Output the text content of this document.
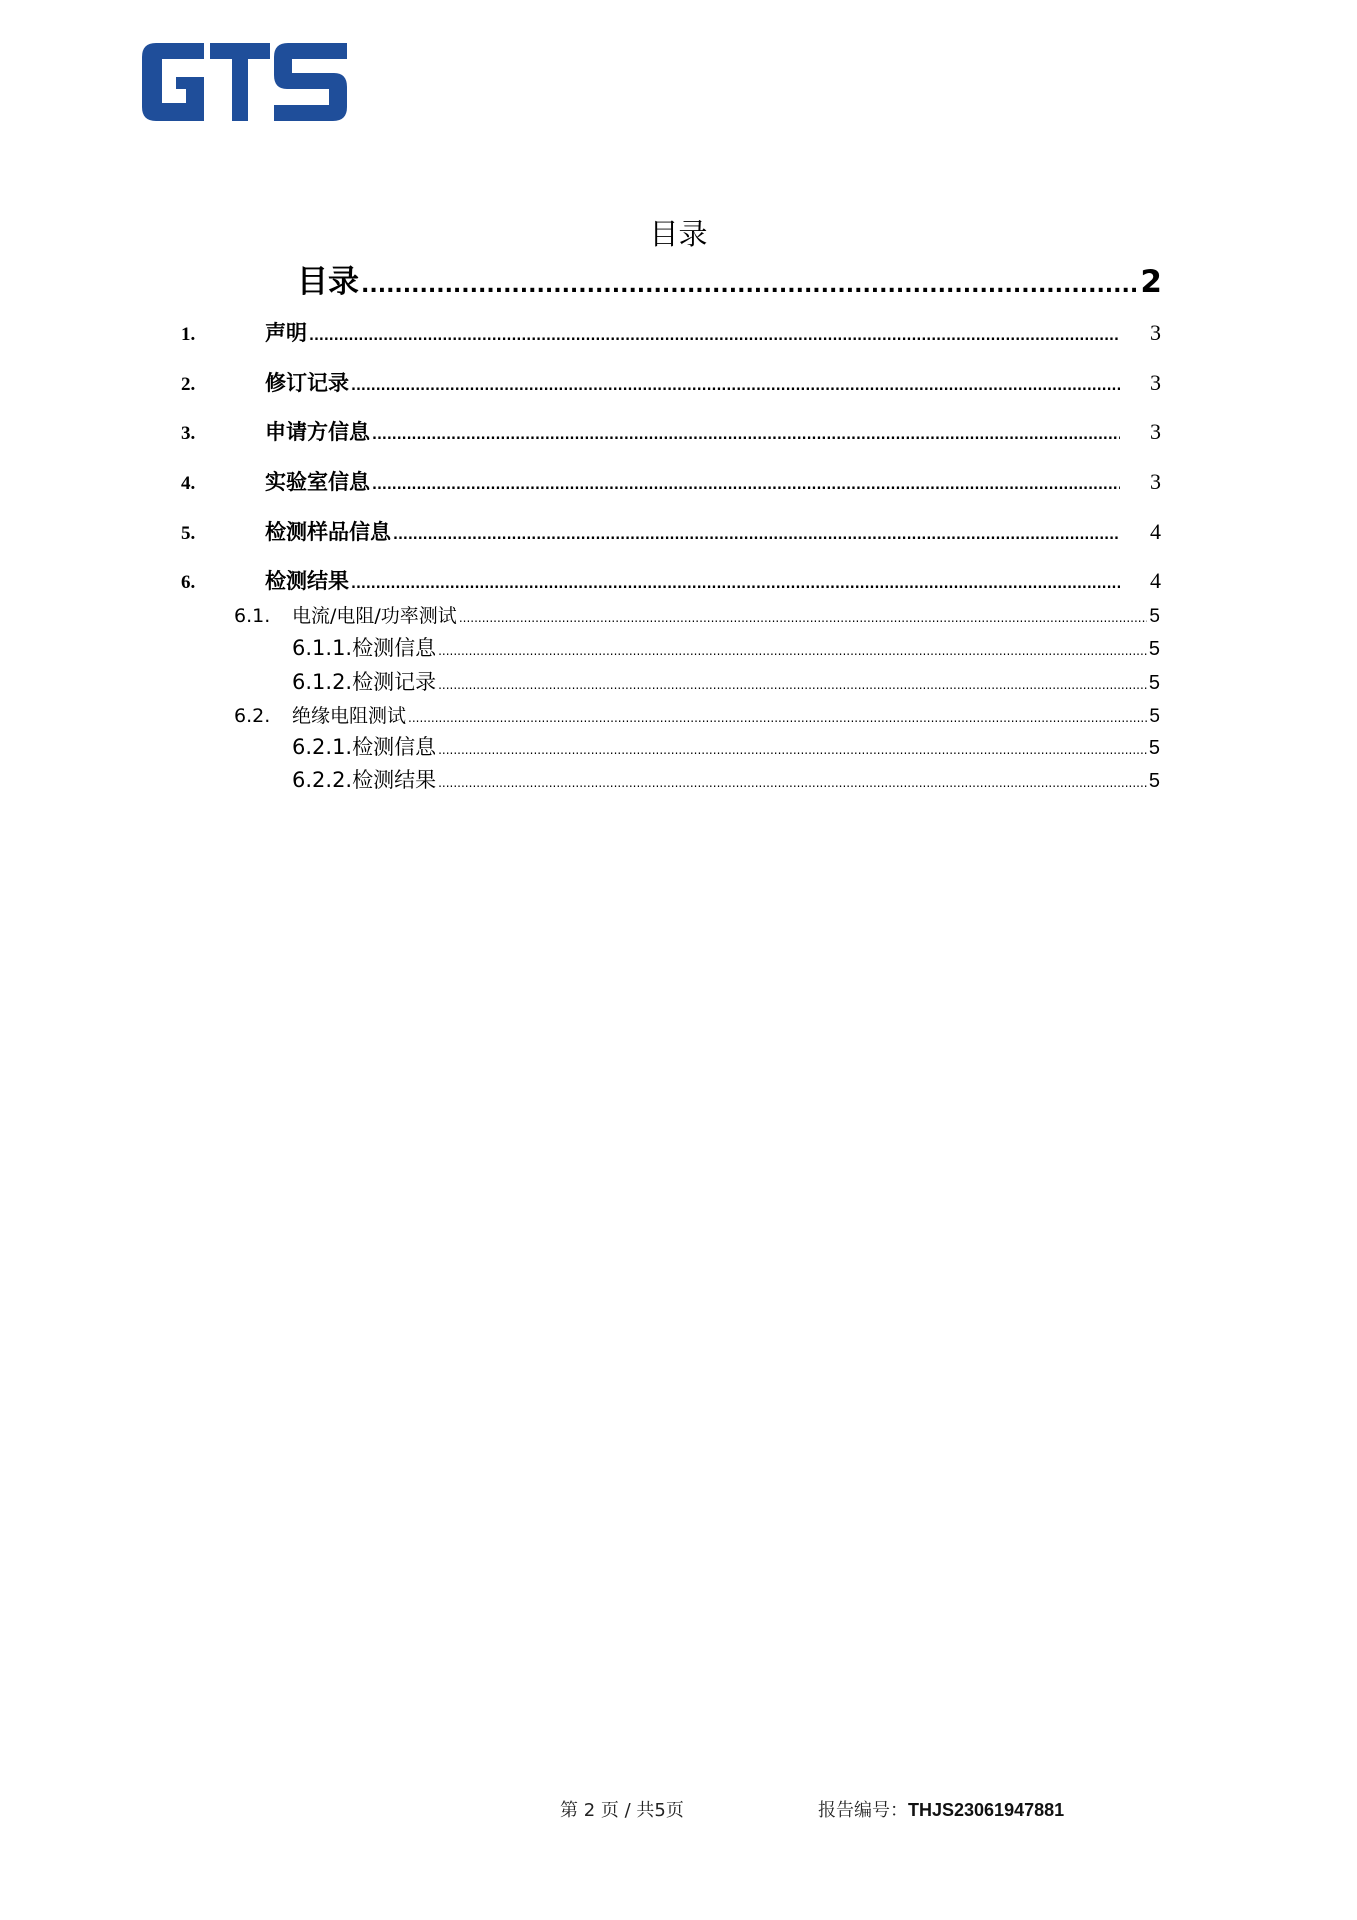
目录
目录 .....	2
1.	声明 .....	3
2.	修订记录 .....	3
3.	申请方信息 .....	3
4.	实验室信息 .....	3
5.	检测样品信息 .....	4
6.	检测结果 .....	4
6.1.	电流/电阻/功率测试 .....	5
6.1.1. 检测信息 .....	5
6.1.2. 检测记录 .....	5
6.2.	绝缘电阻测试 .....	5
6.2.1. 检测信息 .....	5
6.2.2. 检测结果 .....	5
第 2 页 / 共5页	报告编号：THJS23061947881
